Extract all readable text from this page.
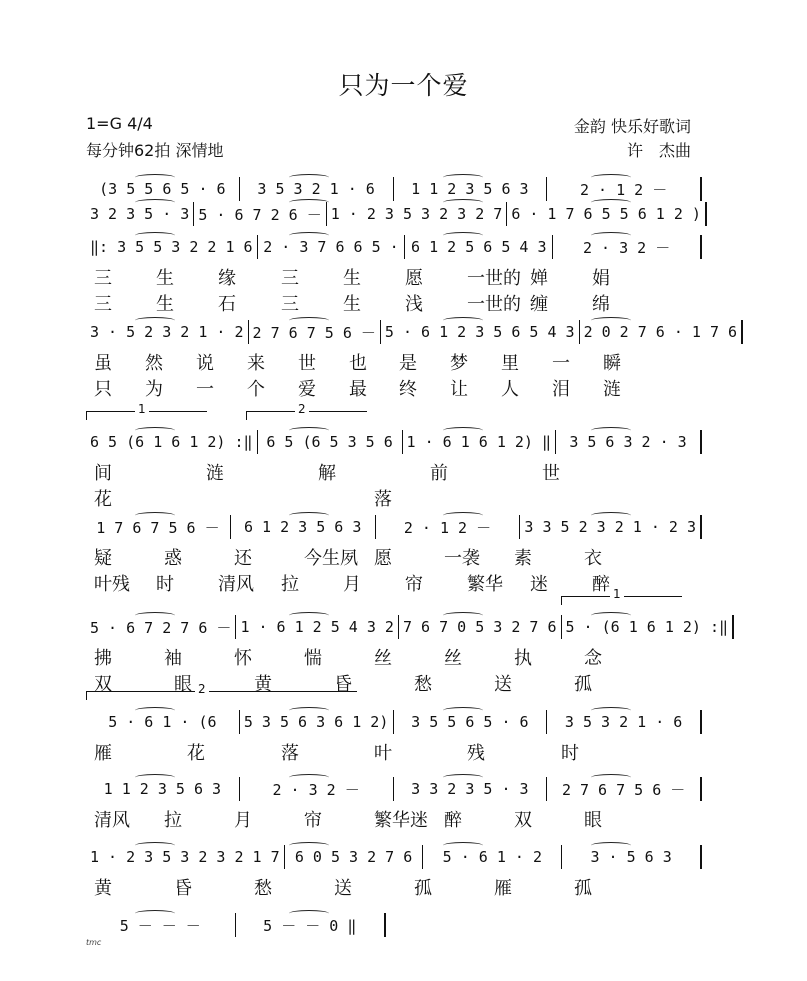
只为一个爱
1=G 4/4
每分钟62拍 深情地
金韵 快乐好歌词
许　杰曲
(3 5 5 6 5 · 6	3 5 3 2 1 · 6	1 1 2 3 5 6 3	2 · 1 2 －
3 2 3 5 · 3 5 · 6 7 2 6 － 1 · 2 3 5 3 2 3 2 7 6 · 1 7 6 5 5 6 1 2 )
‖: 3 5 5 3 2 2 1 6 2 · 3 7 6 6 5 · 6 1 2 5 6 5 4 3	2 · 3 2 －
三 生 缘	三 生 愿 一世的 婵 娟
三 生 石	三 生 浅 一世的 缠 绵
3 · 5 2 3 2 1 · 2 2 7 6 7 5 6 － 5 · 6 1 2 3 5 6 5 4 3 2 0 2 7 6 · 1 7 6
虽 然 说 来 世 也 是 梦 里 一 瞬
只 为 一 个 爱 最 终 让 人 泪 涟
6 5 (6 1 6 1 2) :‖ 6 5 (6 5 3 5 6 1 · 6 1 6 1 2) ‖	3 5 6 3 2 · 3
1	2
间	涟	解	前	世
花	落
1 7 6 7 5 6 －	6 1 2 3 5 6 3	2 · 1 2 －	3 3 5 2 3 2 1 · 2 3
疑	惑	还	今生夙 愿	一袭 素	衣
叶残 时 清风 拉 月 帘 繁华 迷 醉
5 · 6 7 2 7 6 － 1 · 6 1 2 5 4 3 2 7 6 7 0 5 3 2 7 6 5 · (6 1 6 1 2) :‖
1
拂	袖	怀	惴	丝	丝	执	念
双	眼	黄	昏	愁	送	孤
5 · 6 1 · (6	5 3 5 6 3 6 1 2)	3 5 5 6 5 · 6	3 5 3 2 1 · 6
2
雁	花	落	叶	残	时
1 1 2 3 5 6 3	2 · 3 2 －	3 3 2 3 5 · 3	2 7 6 7 5 6 －
清风 拉	月	帘	繁华迷 醉	双	眼
1 · 2 3 5 3 2 3 2 1 7	6 0 5 3 2 7 6	5 · 6 1 · 2	3 · 5 6 3
黄	昏	愁	送	孤	雁	孤
5 － － －	5 － － 0 ‖
tmc
